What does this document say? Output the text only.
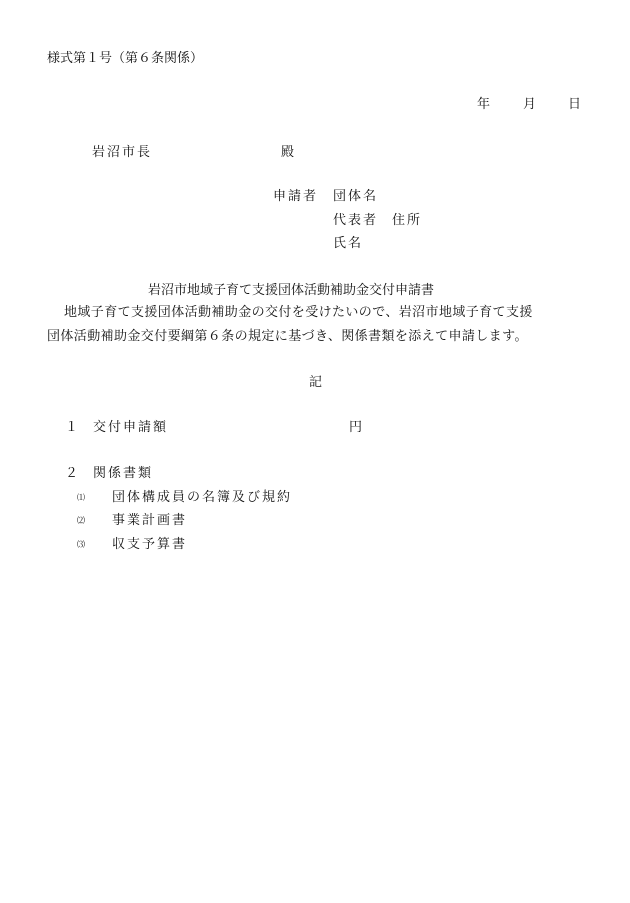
様式第１号（第６条関係）
年	月 日
岩沼市長	殿
申請者 団体名
代表者 住所
氏名
岩沼市地域子育て支援団体活動補助金交付申請書
地域子育て支援団体活動補助金の交付を受けたいので、岩沼市地域子育て支援
団体活動補助金交付要綱第６条の規定に基づき、関係書類を添えて申請します。
記
１ 交付申請額	円
２ 関係書類
⑴ 団体構成員の名簿及び規約
⑵ 事業計画書
⑶ 収支予算書
